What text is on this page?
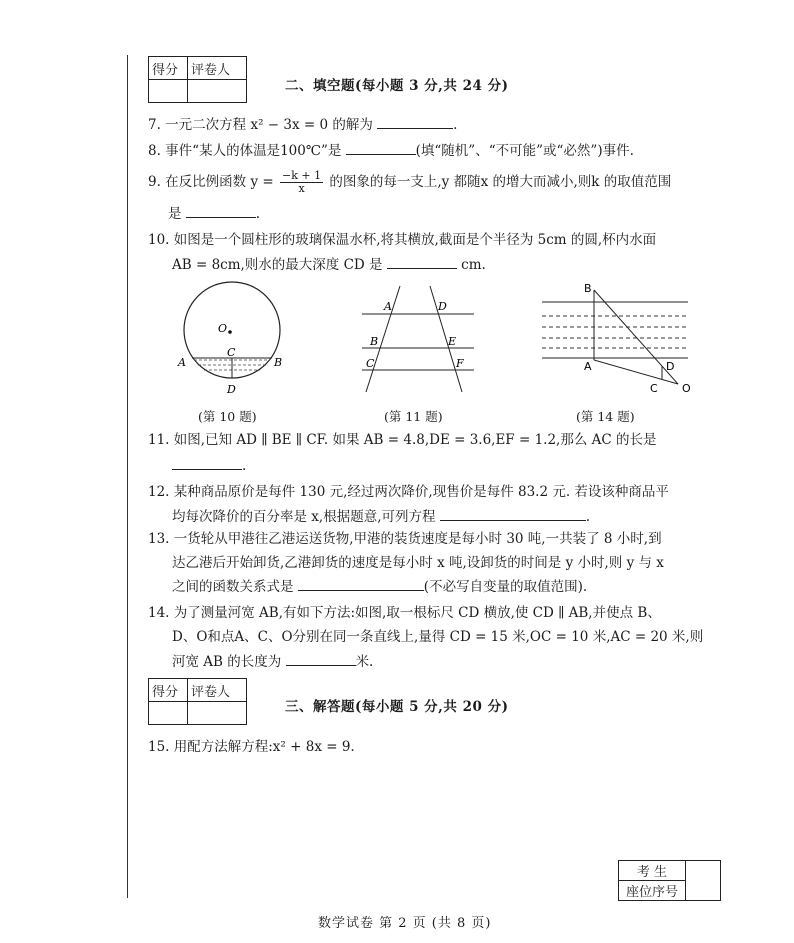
得分	评卷人

二、填空题(每小题 3 分,共 24 分)
7. 一元二次方程 x² − 3x = 0 的解为	.
8. 事件“某人的体温是100℃”是	(填“随机”、“不可能”或“必然”)事件.
9. 在反比例函数 $y = \frac{-k + 1}{x}$ 的图象的每一支上,y 都随x 的增大而减小,则k 的取值范围
是	.
10. 如图是一个圆柱形的玻璃保温水杯,将其横放,截面是个半径为 5cm 的圆,杯内水面
AB = 8cm,则水的最大深度 CD 是	cm.
O
A	B
C
D
A	D
B	E
C	F
B
A	D
C O
(第 10 题)	(第 11 题)	(第 14 题)
11. 如图,已知 AD ∥ BE ∥ CF. 如果 AB = 4.8,DE = 3.6,EF = 1.2,那么 AC 的长是
.
12. 某种商品原价是每件 130 元,经过两次降价,现售价是每件 83.2 元. 若设该种商品平
均每次降价的百分率是 x,根据题意,可列方程	.
13. 一货轮从甲港往乙港运送货物,甲港的装货速度是每小时 30 吨,一共装了 8 小时,到
达乙港后开始卸货,乙港卸货的速度是每小时 x 吨,设卸货的时间是 y 小时,则 y 与 x
之间的函数关系式是	(不必写自变量的取值范围).
14. 为了测量河宽 AB,有如下方法:如图,取一根标尺 CD 横放,使 CD ∥ AB,并使点 B、
D、O和点A、C、O分别在同一条直线上,量得 CD = 15 米,OC = 10 米,AC = 20 米,则
河宽 AB 的长度为	米.
得分	评卷人

三、解答题(每小题 5 分,共 20 分)
15. 用配方法解方程:x² + 8x = 9.
考 生	
座位序号
数学试卷 第 2 页 (共 8 页)
